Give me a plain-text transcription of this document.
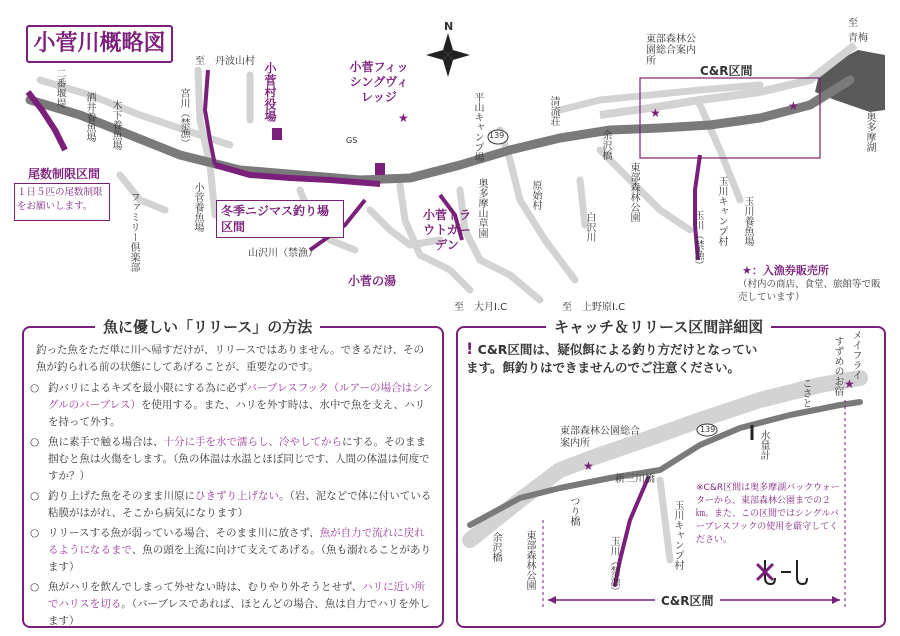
★	★	★
小菅川概略図
N	至　青梅
奥多摩湖
至　丹波山村
至　大月I.C	至　上野原I.C
C&R区間
尾数制限区間
１日５匹の尾数制限をお願いします。	冬季ニジマス釣り場区間
小菅村役場	小菅フィッシングヴィレッジ
小菅トラウトガーデン
小菅の湯
山沢川（禁漁）
宮川（禁漁）
玉川（禁漁）
二番堰堤
酒井養魚場 木下養魚場
ファミリー倶楽部	小菅養魚場
平山キャンプ場
奥多摩山草園	原始村
白沢川
清流荘
余沢橋
東部森林公園
東部森林公園総合案内所
玉川キャンプ村 玉川養魚場
GS
139
★：入漁券販売所
（村内の商店、食堂、旅館等で販売しています）
魚に優しい「リリース」の方法
釣った魚をただ単に川へ帰すだけが、リリースではありません。できるだけ、その魚が釣られる前の状態にしてあげることが、重要なのです。
○ 釣バリによるキズを最小限にする為に必ずバーブレスフック（ルアーの場合はシングルのバーブレス）を使用する。また、ハリを外す時は、水中で魚を支え、ハリを持って外す。
○ 魚に素手で触る場合は、十分に手を水で濡らし、冷やしてからにする。そのまま掴むと魚は火傷をします。（魚の体温は水温とほぼ同じです、人間の体温は何度ですか？）
○ 釣り上げた魚をそのまま川原にひきずり上げない。（岩、泥などで体に付いている粘膜がはがれ、そこから病気になります）
○ リリースする魚が弱っている場合、そのまま川に放さず、魚が自力で流れに戻れるようになるまで、魚の頭を上流に向けて支えてあげる。（魚も溺れることがあります）
○ 魚がハリを飲んでしまって外せない時は、むりやり外そうとせず、ハリに近い所でハリスを切る。（バーブレスであれば、ほとんどの場合、魚は自力でハリを外します）
キャッチ＆リリース区間詳細図
★
★
! C&R区間は、疑似餌による釣り方だけとなっています。餌釣りはできませんのでご注意ください。
※C&R区間は奥多摩湖バックウォーターから、東部森林公園までの２㎞。また、この区間ではシングルバーブレスフックの使用を厳守してください。
C&R区間
東部森林公園総合案内所
新三川橋
つり橋
余沢橋 東部森林公園	玉川（禁漁）	玉川キャンプ村
水量計
こさと
メイフライ
すずめのお宿
139
